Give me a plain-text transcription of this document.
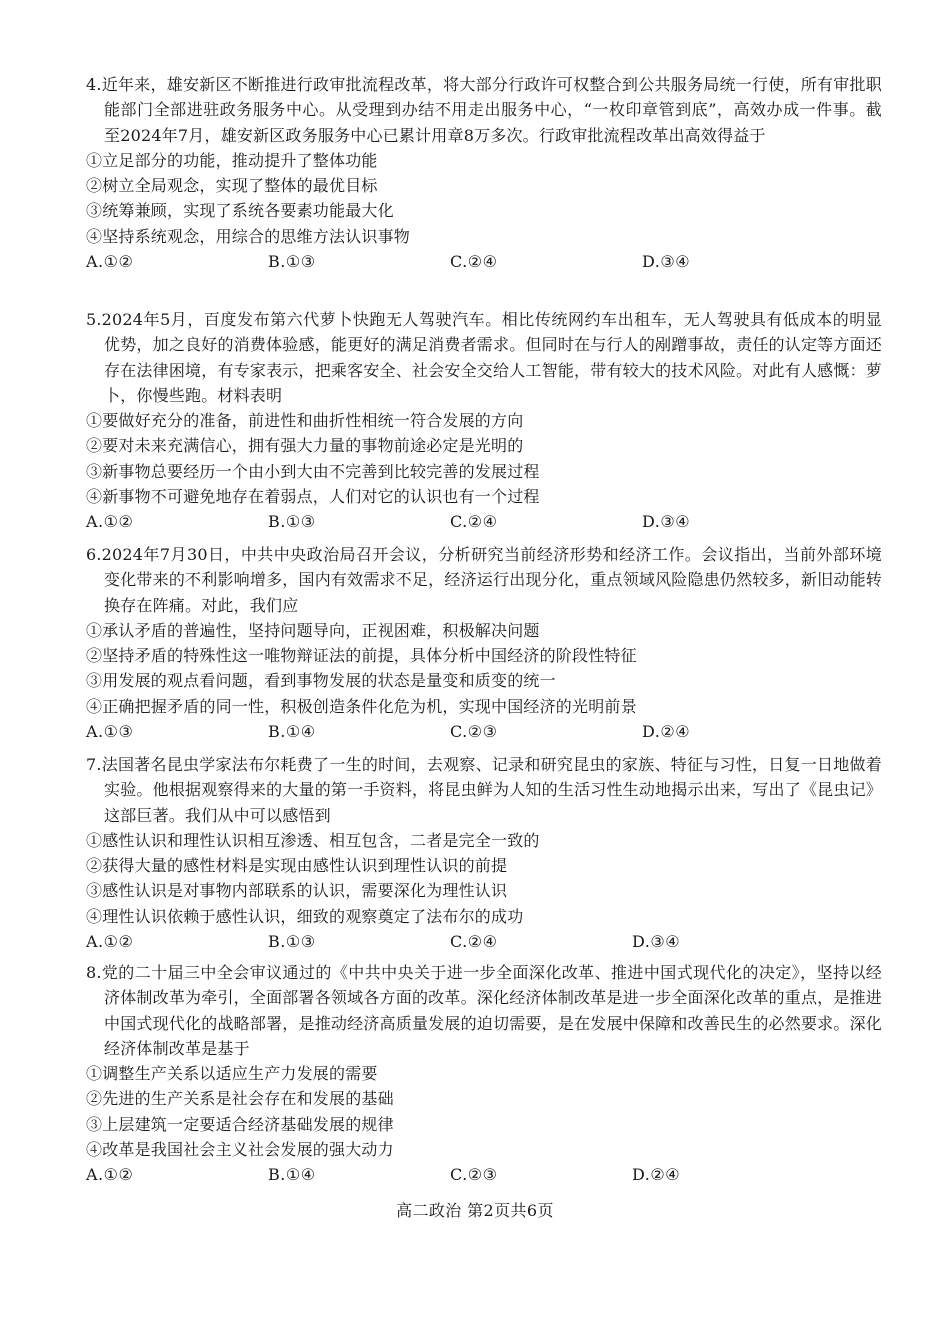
4.近年来，雄安新区不断推进行政审批流程改革，将大部分行政许可权整合到公共服务局统一行使，所有审批职能部门全部进驻政务服务中心。从受理到办结不用走出服务中心，“一枚印章管到底”，高效办成一件事。截至2024年7月，雄安新区政务服务中心已累计用章8万多次。行政审批流程改革出高效得益于

①立足部分的功能，推动提升了整体功能
②树立全局观念，实现了整体的最优目标
③统筹兼顾，实现了系统各要素功能最大化
④坚持系统观念，用综合的思维方法认识事物
A.①②	B.①③	C.②④	D.③④

5.2024年5月，百度发布第六代萝卜快跑无人驾驶汽车。相比传统网约车出租车，无人驾驶具有低成本的明显优势，加之良好的消费体验感，能更好的满足消费者需求。但同时在与行人的剐蹭事故，责任的认定等方面还存在法律困境，有专家表示，把乘客安全、社会安全交给人工智能，带有较大的技术风险。对此有人感慨：萝卜，你慢些跑。材料表明

①要做好充分的准备，前进性和曲折性相统一符合发展的方向
②要对未来充满信心，拥有强大力量的事物前途必定是光明的
③新事物总要经历一个由小到大由不完善到比较完善的发展过程
④新事物不可避免地存在着弱点，人们对它的认识也有一个过程
A.①②	B.①③	C.②④	D.③④

6.2024年7月30日，中共中央政治局召开会议，分析研究当前经济形势和经济工作。会议指出，当前外部环境变化带来的不利影响增多，国内有效需求不足，经济运行出现分化，重点领域风险隐患仍然较多，新旧动能转换存在阵痛。对此，我们应

①承认矛盾的普遍性，坚持问题导向，正视困难，积极解决问题
②坚持矛盾的特殊性这一唯物辩证法的前提，具体分析中国经济的阶段性特征
③用发展的观点看问题，看到事物发展的状态是量变和质变的统一
④正确把握矛盾的同一性，积极创造条件化危为机，实现中国经济的光明前景
A.①③	B.①④	C.②③	D.②④

7.法国著名昆虫学家法布尔耗费了一生的时间，去观察、记录和研究昆虫的家族、特征与习性，日复一日地做着实验。他根据观察得来的大量的第一手资料，将昆虫鲜为人知的生活习性生动地揭示出来，写出了《昆虫记》这部巨著。我们从中可以感悟到

①感性认识和理性认识相互渗透、相互包含，二者是完全一致的
②获得大量的感性材料是实现由感性认识到理性认识的前提
③感性认识是对事物内部联系的认识，需要深化为理性认识
④理性认识依赖于感性认识，细致的观察奠定了法布尔的成功
A.①②	B.①③	C.②④	D.③④

8.党的二十届三中全会审议通过的《中共中央关于进一步全面深化改革、推进中国式现代化的决定》，坚持以经济体制改革为牵引，全面部署各领域各方面的改革。深化经济体制改革是进一步全面深化改革的重点，是推进中国式现代化的战略部署，是推动经济高质量发展的迫切需要，是在发展中保障和改善民生的必然要求。深化经济体制改革是基于

①调整生产关系以适应生产力发展的需要
②先进的生产关系是社会存在和发展的基础
③上层建筑一定要适合经济基础发展的规律
④改革是我国社会主义社会发展的强大动力
A.①②	B.①④	C.②③	D.②④
高二政治 第2页共6页
